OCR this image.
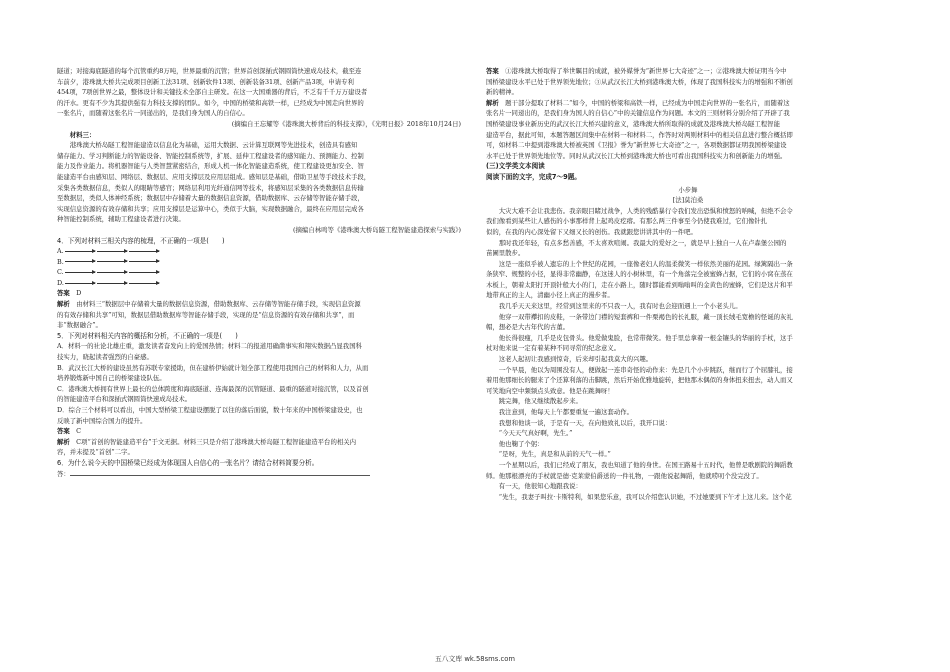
隧道；对接海底隧道的每个沉管重约8万吨，世界最重的沉管；世界首创深插式钢圆筒快速成岛技术，截至连

车前夕，港珠澳大桥共完成项目创新工法31项、创新软件13项、创新装备31项、创新产品3项，申请专利

454项，7项创世界之最，整体设计和关键技术全部自主研发。在这一大国重器的背后，不乏有千千万万建设者

的汗水。更有不少为其提供强有力科技支撑的团队。如今，中国的桥梁和高铁一样，已经成为中国走向世界的

一张名片，而随着这张名片一同递出的，是我们身为国人的自信心。

(摘编自王忘耀等《港珠澳大桥背后的科技支撑》，《光明日报》2018年10月24日)

材料三：

港珠澳大桥岛隧工程智能建造以信息化为基础，运用大数据、云计算互联网等先进技术，创造具有感知

储存能力、学习判断能力的智能设备、智能控制系统等，扩展、延伸工程建设者的感知能力、预测能力、控制

能力及作业能力。将机器智能与人类智慧紧密结合，形成人机一体化智能建造系统，使工程建设更加安全、智

能建造平台由感知层、网络层、数据层、应用支撑层及应用层组成。感知层是基础，借助卫星等手段技术手段，

采集各类数据信息，类似人的眼睛等感官；网络层利用光纤通信网等技术，将感知层采集的各类数据信息传输

至数据层，类似人体神经系统；数据层中存储着大量的数据信息资源，借助数据库、云存储等智能存储手段，

实现信息资源的有效存储和共享；应用支撑层是运算中心，类似于大脑，实现数据融合，最终在应用层完成各

种智能控制系统，辅助工程建设者进行决策。

(摘编自林鸣等《港珠澳大桥岛隧工程智能建造探索与实践》)

4．下列对材料三相关内容的梳理，不正确的一项是(　　)

A.
B.
C.
D.

答案　 D

解析　由材料三“数据层中存储着大量的数据信息资源，借助数据库、云存储等智能存储手段，实现信息资源

的有效存储和共享”可知，数据层借助数据库等智能存储手段，实现的是“信息资源的有效存储和共享”，而

非“数据融合”。

5．下列对材料相关内容的概括和分析，不正确的一项是(　　)

A．材料一的社论北雄庄重，激发读者奋发向上的爱国热情；材料二的报道用确凿事实和翔实数据凸显我国科

技实力，晓起读者强烈的自豪感。

B．武汉长江大桥的建设虽然有苏联专家援助，但在建桥伊始就计划全部工程使用我国自己的材料和人力，从而

培养锻炼新中国自己的桥梁建设队伍。

C．港珠澳大桥拥有世界上最长的总体跨度和海底隧道、连海最深的沉管隧道、最重的隧道对接沉管，以及首创

的智能建造平台和深插式钢圆筒快速成岛技术。

D．综合三个材料可以看出，中国大型桥梁工程建设摆脱了以往的落后面貌，数十年来的中国桥梁建设史，也

反映了新中国综合国力的提升。

答案　 C

解析　C项“首创的智能建造平台”于文无据。材料三只是介绍了港珠澳大桥岛隧工程智能建造平台的相关内

容，并未提及“首创”二字。

6．为什么说今天的中国桥梁已经成为体现国人自信心的一张名片？请结合材料简要分析。

答：

答案　①港珠澳大桥取得了举世瞩目的成就，被外媒誉为“新世界七大奇迹”之一；②港珠澳大桥证明当今中

国桥梁建设水平已处于世界领先地位；③从武汉长江大桥到港珠澳大桥，体现了我国科技实力的增强和不断创

新的精神。

解析　题干部分提取了材料二“如今，中国的桥梁和高铁一样，已经成为中国走向世界的一张名片，而随着这

张名片一同递出的，是我们身为国人的自信心”中的关键信息作为问题。本文的三则材料分别介绍了开辟了我

国桥梁建设事业新历史的武汉长江大桥兴建的意义，港珠澳大桥所取得的成就及港珠澳大桥岛隧工程智能

建造平台，据此可知，本题答题区间集中在材料一和材料二，作答时对两则材料中的相关信息进行整合概括即

可，如材料二中提到港珠澳大桥被英国《卫报》誉为“新世界七大奇迹”之一，各项数据都证明我国桥梁建设

水平已处于世界领先地位等。同时从武汉长江大桥到港珠澳大桥也可看出我国科技实力和创新能力的增强。

(三)文学类文本阅读

阅读下面的文字，完成7～9题。

小步舞

[法]莫泊桑

大灾大难不会让我悲伤。我亲眼目睹过战争，人类的残酷暴行令我们发出恐惧和愤怒的呐喊，但绝不会令

我们像看到某些让人感伤的小事那样背上起鸡皮疙瘩。有那么两三件事至今仍使我难过，它们像针扎

似的，在我的内心深处留下又细又长的创伤。我就跟您讲讲其中的一件吧。

那时我还年轻，有点多愁善感，不太喜欢喧闹。我最大的爱好之一，就是早上独自一人在卢森堡公园的

苗圃里散步。

这是一座似乎被人遗忘的上个世纪的花园，一座像老妇人的温柔微笑一样依然美丽的花园。绿篱隔出一条

条狭窄、规整的小径，显得非常幽静，在这迷人的小树林里，有一个角落完全被蜜蜂占据，它们的小窝在蒸在

木板上，朝着太阳打开顶针般大小的门，走在小路上，随时都能看到嗡嗡叫的金黄色的蜜蜂，它们是这片和平

地带真正的主人，清幽小径上真正的漫步者。

我几乎天天来这里，经常到这里来的不只我一人，我有时也会迎面遇上一个小老头儿。

他穿一双带襻扣的皮鞋，一条带边门襟的短套裤和一件栗褐色的长礼服，戴一顶长绒毛宽檐的怪诞的灰礼

帽，想必是大古年代的古董。

他长得很瘦，几乎是皮包骨头。他爱做鬼脸，也常带微笑。他手里总拿着一根金镶头的华丽的手杖，这手

杖对他来说一定有着某种不同寻常的纪念意义。

这老人起初让我感到惊奇，后来却引起我莫大的兴趣。

一个早晨，他以为周围没有人，便做起一连串奇怪的动作来：先是几个小步跳跃，继而行了个屈膝礼，接

着用他那细长的腿来了个还算利落的击脚跳，然后开始优雅地旋转，把他那木偶似的身体扭来扭去，动人而又

可笑地向空中频频点头致意。他是在跳舞呀！

跳完舞，他又继续散起步来。

我注意到，他每天上午都要重复一遍这套动作。

我想和他谈一谈，于是有一天，在向他致礼以后，我开口说：

“今天天气真好啊，先生。”

他也鞠了个躬：

“是呀，先生，真是和从前的天气一样。”

一个星期以后，我们已经成了朋友，我也知道了他的身世。在国王路易十五时代，他曾是歌剧院的舞蹈教

师。他那根漂亮的手杖就是德·克莱蒙伯爵送的一件礼物，一跟他说起舞蹈，他就唠叨个没完没了。

有一天，他很知心地跟我说：

“先生，我妻子叫拉·卡斯特利，如果您乐意，我可以介绍您认识她，不过她要到下午才上这儿来。这个花

五八文库 wk.58sms.com
